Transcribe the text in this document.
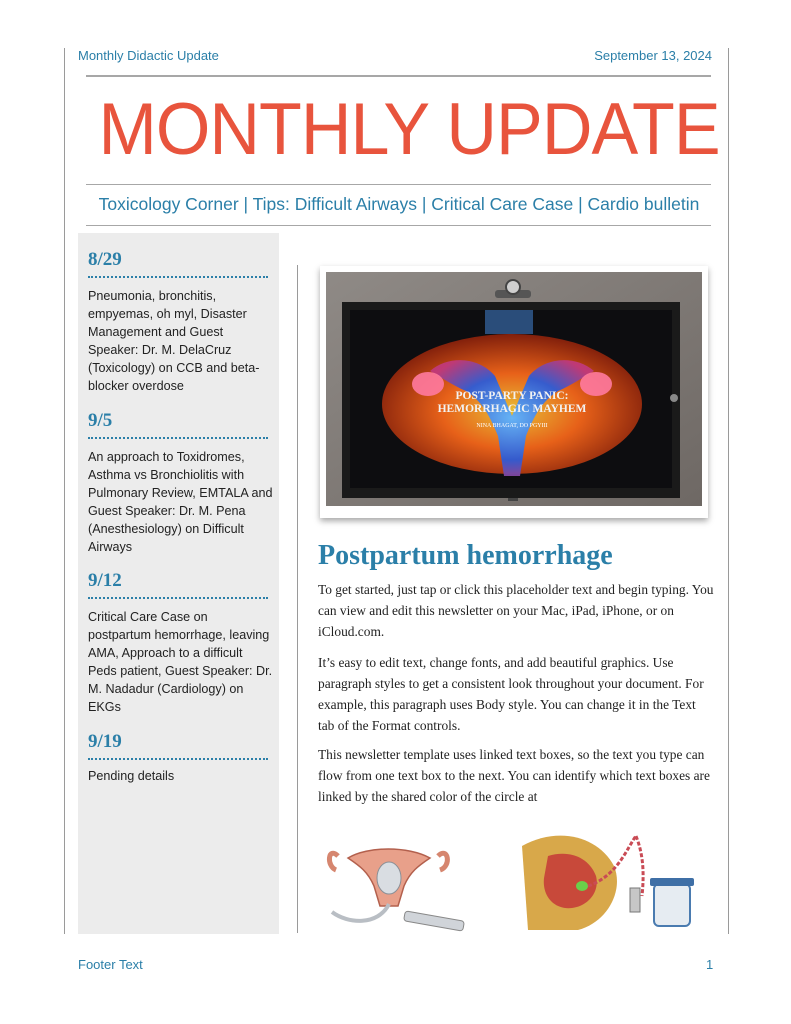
Monthly Didactic Update	September 13, 2024
MONTHLY UPDATE
Toxicology Corner | Tips: Difficult Airways | Critical Care Case | Cardio bulletin
8/29
Pneumonia, bronchitis, empyemas, oh myl, Disaster Management and Guest Speaker: Dr. M. DelaCruz (Toxicology) on CCB and beta-blocker overdose
9/5
An approach to Toxidromes, Asthma vs Bronchiolitis with Pulmonary Review, EMTALA and Guest Speaker: Dr. M. Pena (Anesthesiology) on Difficult Airways
9/12
Critical Care Case on postpartum hemorrhage, leaving AMA, Approach to a difficult Peds patient, Guest Speaker: Dr. M. Nadadur (Cardiology) on EKGs
9/19
Pending details
POST-PARTY PANIC:
HEMORRHAGIC MAYHEM
NINA BHAGAT, DO PGYIII
Postpartum hemorrhage
To get started, just tap or click this placeholder text and begin typing. You can view and edit this newsletter on your Mac, iPad, iPhone, or on iCloud.com.
It’s easy to edit text, change fonts, and add beautiful graphics. Use paragraph styles to get a consistent look throughout your document. For example, this paragraph uses Body style. You can change it in the Text tab of the Format controls.
This newsletter template uses linked text boxes, so the text you type can flow from one text box to the next. You can identify which text boxes are linked by the shared color of the circle at
Footer Text	1
